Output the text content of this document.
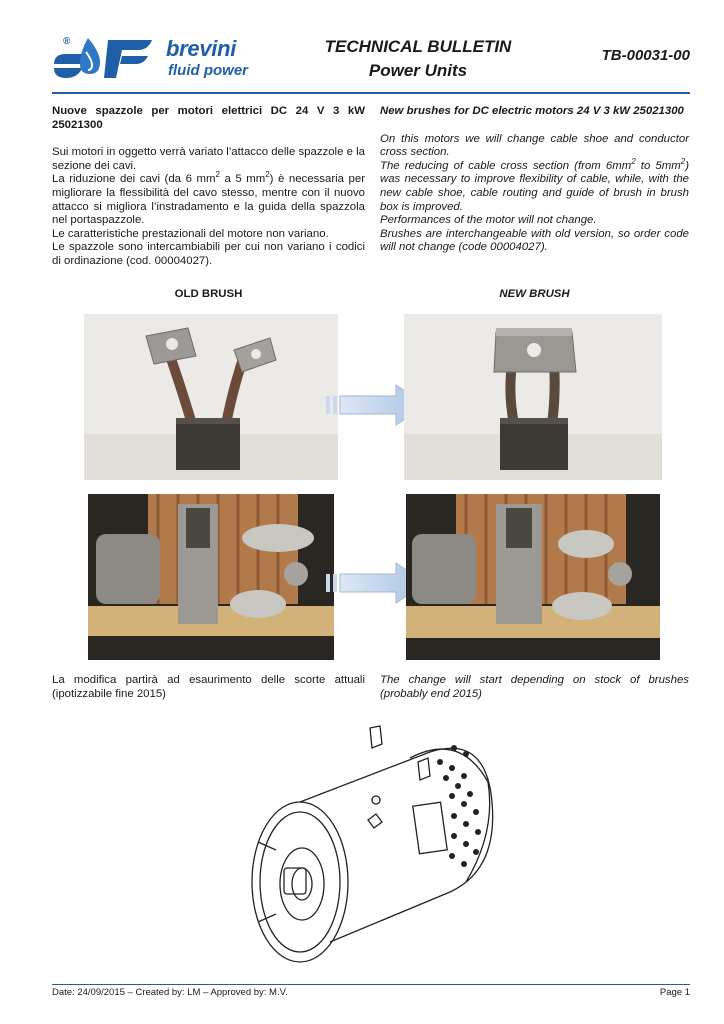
®	brevini
fluid power
TECHNICAL BULLETIN
Power Units
TB-00031-00

Nuove spazzole per motori elettrici DC 24 V 3 kW 25021300

Sui motori in oggetto verrà variato l’attacco delle spazzole e la sezione dei cavi.

La riduzione dei cavi (da 6 $mm^2$ a 5 $mm^2$) è necessaria per migliorare la flessibilità del cavo stesso, mentre con il nuovo attacco si migliora l’instradamento e la guida della spazzola nel portaspazzole.

Le caratteristiche prestazionali del motore non variano.

Le spazzole sono intercambiabili per cui non variano i codici di ordinazione (cod. 00004027).

New brushes for DC electric motors 24 V 3 kW 25021300

On this motors we will change cable shoe and conductor cross section.

The reducing of cable cross section (from $6mm^2$ to $5mm^2$) was necessary to improve flexibility of cable, while, with the new cable shoe, cable routing and guide of brush in brush box is improved.

Performances of the motor will not change.

Brushes are interchangeable with old version, so order code will not change (code 00004027).

OLD BRUSH	NEW BRUSH
La modifica partirà ad esaurimento delle scorte attuali (ipotizzabile fine 2015)
The change will start depending on stock of brushes (probably end 2015)
Date: 24/09/2015 – Created by: LM – Approved by: M.V.	Page 1
